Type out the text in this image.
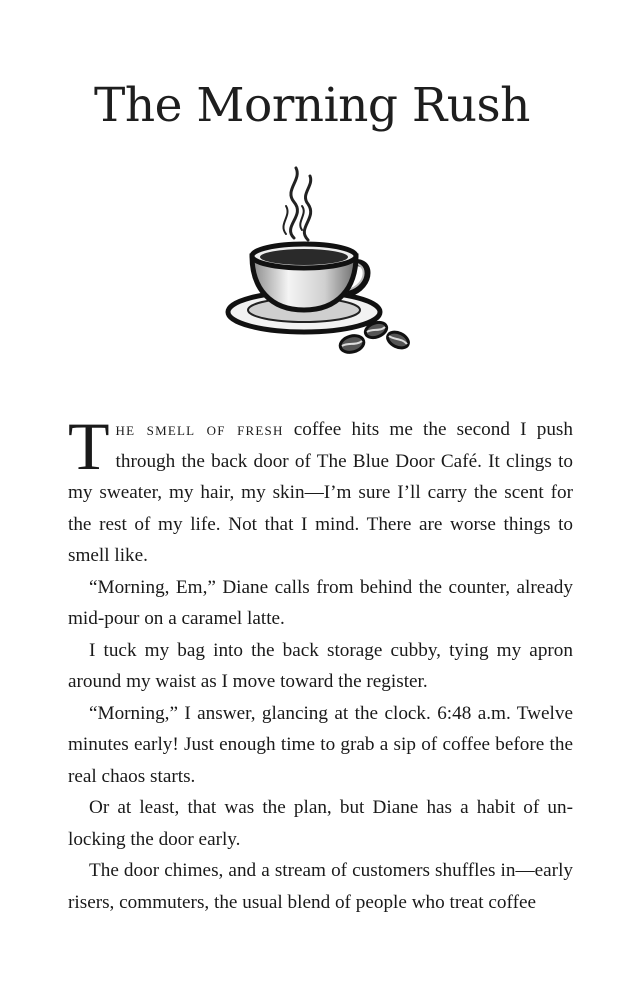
The Morning Rush

T he smell of fresh coffee hits me the second I push through the back door of The Blue Door Café. It clings to my sweater, my hair, my skin—I’m sure I’ll carry the scent for the rest of my life. Not that I mind. There are worse things to smell like.

“Morning, Em,” Diane calls from behind the counter, already mid-pour on a caramel latte.

I tuck my bag into the back storage cubby, tying my apron around my waist as I move toward the register.

“Morning,” I answer, glancing at the clock. 6:48 a.m. Twelve minutes early! Just enough time to grab a sip of coffee before the real chaos starts.

Or at least, that was the plan, but Diane has a habit of unlocking the door early.

The door chimes, and a stream of customers shuffles in—early risers, commuters, the usual blend of people who treat coffee
